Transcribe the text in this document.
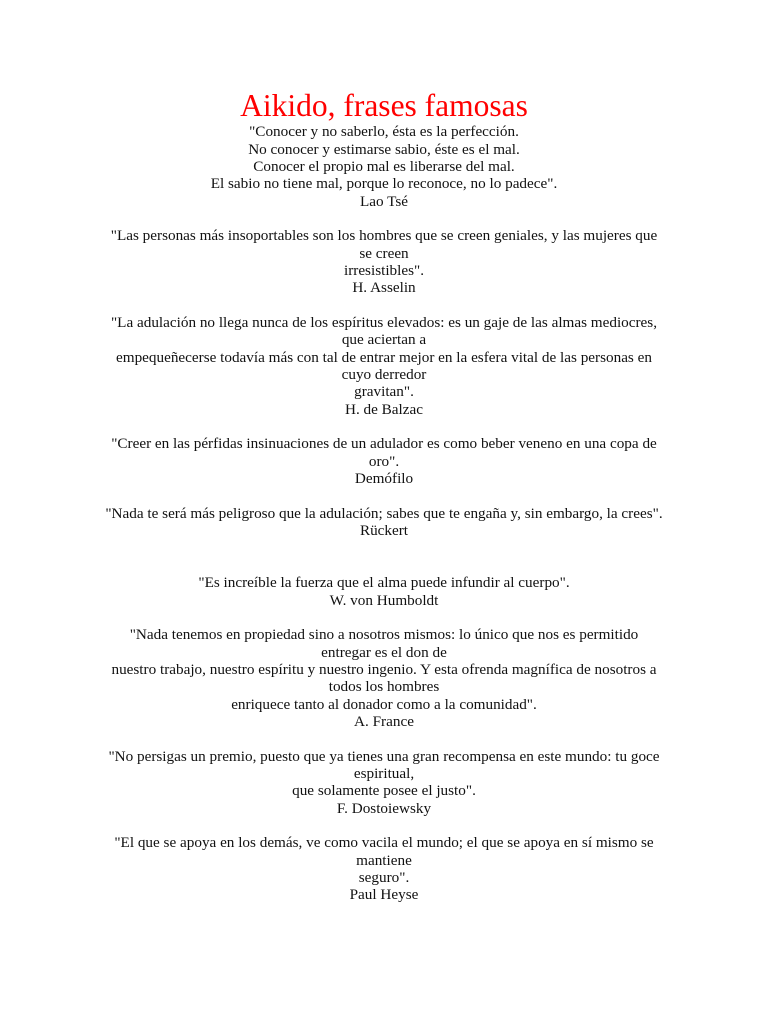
Aikido, frases famosas
"Conocer y no saberlo, ésta es la perfección.
No conocer y estimarse sabio, éste es el mal.
Conocer el propio mal es liberarse del mal.
El sabio no tiene mal, porque lo reconoce, no lo padece".
Lao Tsé
"Las personas más insoportables son los hombres que se creen geniales, y las mujeres que
se creen
irresistibles".
H. Asselin
"La adulación no llega nunca de los espíritus elevados: es un gaje de las almas mediocres,
que aciertan a
empequeñecerse todavía más con tal de entrar mejor en la esfera vital de las personas en
cuyo derredor
gravitan".
H. de Balzac
"Creer en las pérfidas insinuaciones de un adulador es como beber veneno en una copa de
oro".
Demófilo
"Nada te será más peligroso que la adulación; sabes que te engaña y, sin embargo, la crees".
Rückert
"Es increíble la fuerza que el alma puede infundir al cuerpo".
W. von Humboldt
"Nada tenemos en propiedad sino a nosotros mismos: lo único que nos es permitido
entregar es el don de
nuestro trabajo, nuestro espíritu y nuestro ingenio. Y esta ofrenda magnífica de nosotros a
todos los hombres
enriquece tanto al donador como a la comunidad".
A. France
"No persigas un premio, puesto que ya tienes una gran recompensa en este mundo: tu goce
espiritual,
que solamente posee el justo".
F. Dostoiewsky
"El que se apoya en los demás, ve como vacila el mundo; el que se apoya en sí mismo se
mantiene
seguro".
Paul Heyse
